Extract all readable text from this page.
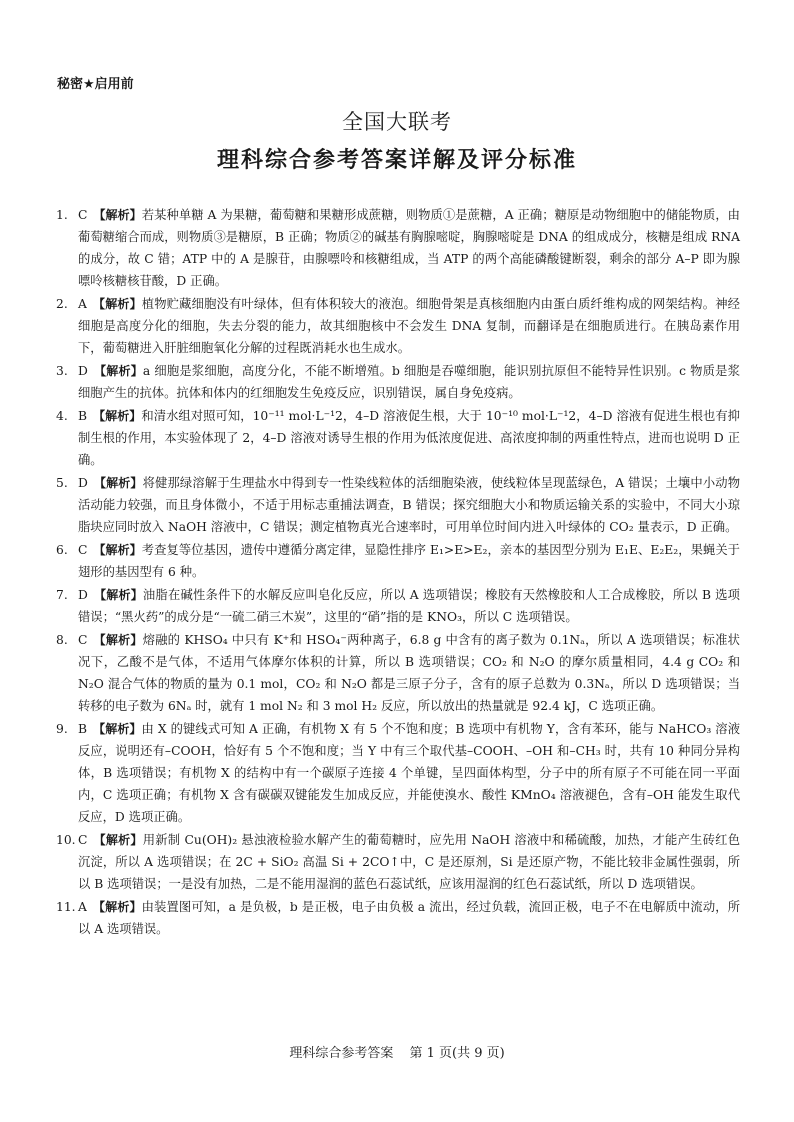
秘密★启用前
全国大联考
理科综合参考答案详解及评分标准
1. C 【解析】若某种单糖 A 为果糖，葡萄糖和果糖形成蔗糖，则物质①是蔗糖，A 正确；糖原是动物细胞中的储能物质，由葡萄糖缩合而成，则物质③是糖原，B 正确；物质②的碱基有胸腺嘧啶，胸腺嘧啶是 DNA 的组成成分，核糖是组成 RNA 的成分，故 C 错；ATP 中的 A 是腺苷，由腺嘌呤和核糖组成，当 ATP 的两个高能磷酸键断裂，剩余的部分 A–P 即为腺嘌呤核糖核苷酸，D 正确。
2. A 【解析】植物贮藏细胞没有叶绿体，但有体积较大的液泡。细胞骨架是真核细胞内由蛋白质纤维构成的网架结构。神经细胞是高度分化的细胞，失去分裂的能力，故其细胞核中不会发生 DNA 复制，而翻译是在细胞质进行。在胰岛素作用下，葡萄糖进入肝脏细胞氧化分解的过程既消耗水也生成水。
3. D 【解析】a 细胞是浆细胞，高度分化，不能不断增殖。b 细胞是吞噬细胞，能识别抗原但不能特异性识别。c 物质是浆细胞产生的抗体。抗体和体内的红细胞发生免疫反应，识别错误，属自身免疫病。
4. B 【解析】和清水组对照可知，10⁻¹¹ mol·L⁻¹2，4–D 溶液促生根，大于 10⁻¹⁰ mol·L⁻¹2，4–D 溶液有促进生根也有抑制生根的作用，本实验体现了 2，4–D 溶液对诱导生根的作用为低浓度促进、高浓度抑制的两重性特点，进而也说明 D 正确。
5. D 【解析】将健那绿溶解于生理盐水中得到专一性染线粒体的活细胞染液，使线粒体呈现蓝绿色，A 错误；土壤中小动物活动能力较强，而且身体微小，不适于用标志重捕法调查，B 错误；探究细胞大小和物质运输关系的实验中，不同大小琼脂块应同时放入 NaOH 溶液中，C 错误；测定植物真光合速率时，可用单位时间内进入叶绿体的 CO₂ 量表示，D 正确。
6. C 【解析】考查复等位基因，遗传中遵循分离定律，显隐性排序 E₁>E>E₂，亲本的基因型分别为 E₁E、E₂E₂，果蝇关于翅形的基因型有 6 种。
7. D 【解析】油脂在碱性条件下的水解反应叫皂化反应，所以 A 选项错误；橡胶有天然橡胶和人工合成橡胶，所以 B 选项错误；“黑火药”的成分是“一硫二硝三木炭”，这里的“硝”指的是 KNO₃，所以 C 选项错误。
8. C 【解析】熔融的 KHSO₄ 中只有 K⁺和 HSO₄⁻两种离子，6.8 g 中含有的离子数为 0.1Nₐ，所以 A 选项错误；标准状况下，乙酸不是气体，不适用气体摩尔体积的计算，所以 B 选项错误；CO₂ 和 N₂O 的摩尔质量相同，4.4 g CO₂ 和 N₂O 混合气体的物质的量为 0.1 mol，CO₂ 和 N₂O 都是三原子分子，含有的原子总数为 0.3Nₐ，所以 D 选项错误；当转移的电子数为 6Nₐ 时，就有 1 mol N₂ 和 3 mol H₂ 反应，所以放出的热量就是 92.4 kJ，C 选项正确。
9. B 【解析】由 X 的键线式可知 A 正确，有机物 X 有 5 个不饱和度；B 选项中有机物 Y，含有苯环，能与 NaHCO₃ 溶液反应，说明还有–COOH，恰好有 5 个不饱和度；当 Y 中有三个取代基–COOH、–OH 和–CH₃ 时，共有 10 种同分异构体，B 选项错误；有机物 X 的结构中有一个碳原子连接 4 个单键，呈四面体构型，分子中的所有原子不可能在同一平面内，C 选项正确；有机物 X 含有碳碳双键能发生加成反应，并能使溴水、酸性 KMnO₄ 溶液褪色，含有–OH 能发生取代反应，D 选项正确。
10. C 【解析】用新制 Cu(OH)₂ 悬浊液检验水解产生的葡萄糖时，应先用 NaOH 溶液中和稀硫酸，加热，才能产生砖红色沉淀，所以 A 选项错误；在 2C + SiO₂ 高温 Si + 2CO↑中，C 是还原剂，Si 是还原产物，不能比较非金属性强弱，所以 B 选项错误；一是没有加热，二是不能用湿润的蓝色石蕊试纸，应该用湿润的红色石蕊试纸，所以 D 选项错误。
11. A 【解析】由装置图可知，a 是负极，b 是正极，电子由负极 a 流出，经过负载，流回正极，电子不在电解质中流动，所以 A 选项错误。
理科综合参考答案 第 1 页(共 9 页)
